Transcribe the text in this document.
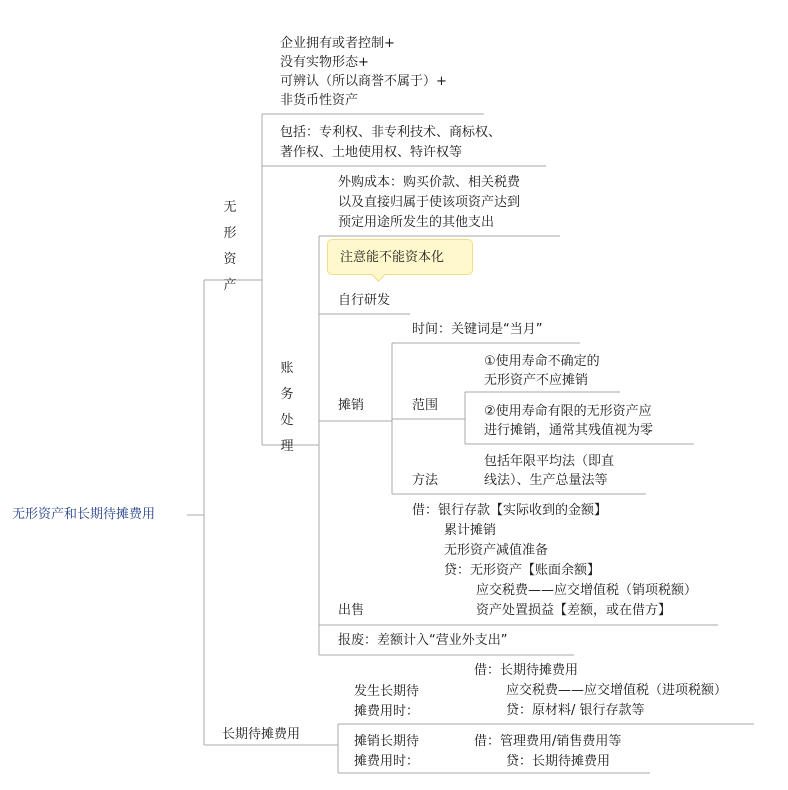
无形资产和长期待摊费用
无形资产
企业拥有或者控制+
没有实物形态+
可辨认（所以商誉不属于）+
非货币性资产
包括：专利权、非专利技术、商标权、
著作权、土地使用权、特许权等
账务处理
外购成本：购买价款、相关税费
以及直接归属于使该项资产达到
预定用途所发生的其他支出
注意能不能资本化
自行研发
摊销
时间：关键词是“当月”
范围
①使用寿命不确定的
无形资产不应摊销
②使用寿命有限的无形资产应
进行摊销，通常其残值视为零
方法
包括年限平均法（即直
线法）、生产总量法等
借：银行存款【实际收到的金额】
累计摊销
无形资产减值准备
贷：无形资产【账面余额】
应交税费——应交增值税（销项税额）
资产处置损益【差额，或在借方】
出售
报废：差额计入“营业外支出”
长期待摊费用
发生长期待
摊费用时：
借：长期待摊费用
应交税费——应交增值税（进项税额）
贷：原材料/ 银行存款等
摊销长期待
摊费用时：
借：管理费用/销售费用等
贷：长期待摊费用
